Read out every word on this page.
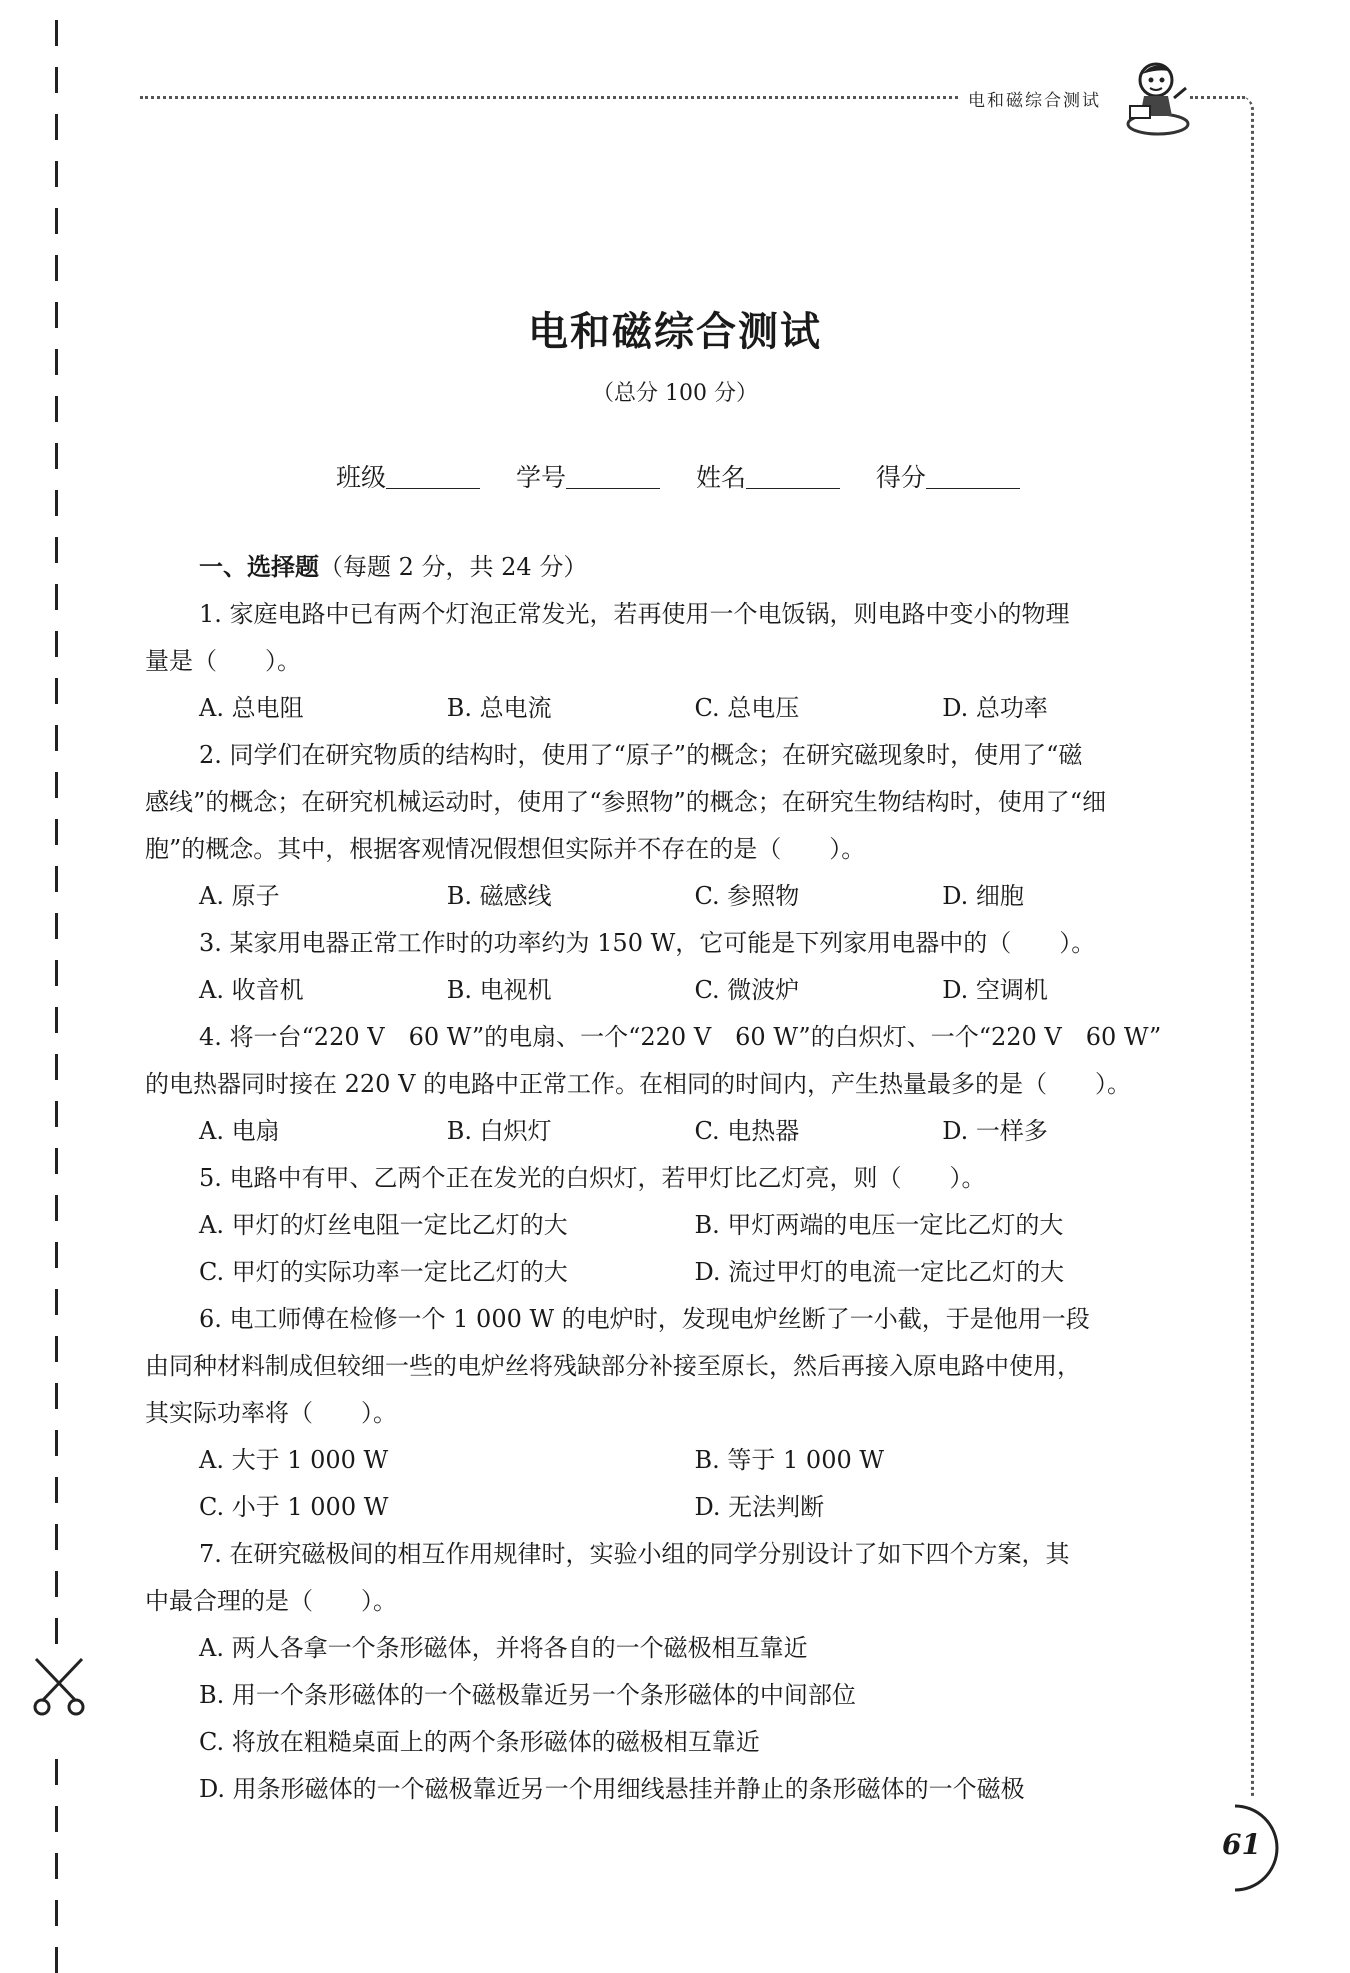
电和磁综合测试
电和磁综合测试
（总分 100 分）
班级	学号	姓名	得分
一、选择题（每题 2 分，共 24 分）
1. 家庭电路中已有两个灯泡正常发光，若再使用一个电饭锅，则电路中变小的物理
量是（　　）。
A. 总电阻	B. 总电流	C. 总电压	D. 总功率
2. 同学们在研究物质的结构时，使用了“原子”的概念；在研究磁现象时，使用了“磁
感线”的概念；在研究机械运动时，使用了“参照物”的概念；在研究生物结构时，使用了“细
胞”的概念。其中，根据客观情况假想但实际并不存在的是（　　）。
A. 原子	B. 磁感线	C. 参照物	D. 细胞
3. 某家用电器正常工作时的功率约为 150 W，它可能是下列家用电器中的（　　）。
A. 收音机	B. 电视机	C. 微波炉	D. 空调机
4. 将一台“220 V　60 W”的电扇、一个“220 V　60 W”的白炽灯、一个“220 V　60 W”
的电热器同时接在 220 V 的电路中正常工作。在相同的时间内，产生热量最多的是（　　）。
A. 电扇	B. 白炽灯	C. 电热器	D. 一样多
5. 电路中有甲、乙两个正在发光的白炽灯，若甲灯比乙灯亮，则（　　）。
A. 甲灯的灯丝电阻一定比乙灯的大	B. 甲灯两端的电压一定比乙灯的大
C. 甲灯的实际功率一定比乙灯的大	D. 流过甲灯的电流一定比乙灯的大
6. 电工师傅在检修一个 1 000 W 的电炉时，发现电炉丝断了一小截，于是他用一段
由同种材料制成但较细一些的电炉丝将残缺部分补接至原长，然后再接入原电路中使用，
其实际功率将（　　）。
A. 大于 1 000 W	B. 等于 1 000 W
C. 小于 1 000 W	D. 无法判断
7. 在研究磁极间的相互作用规律时，实验小组的同学分别设计了如下四个方案，其
中最合理的是（　　）。
A. 两人各拿一个条形磁体，并将各自的一个磁极相互靠近
B. 用一个条形磁体的一个磁极靠近另一个条形磁体的中间部位
C. 将放在粗糙桌面上的两个条形磁体的磁极相互靠近
D. 用条形磁体的一个磁极靠近另一个用细线悬挂并静止的条形磁体的一个磁极
61
